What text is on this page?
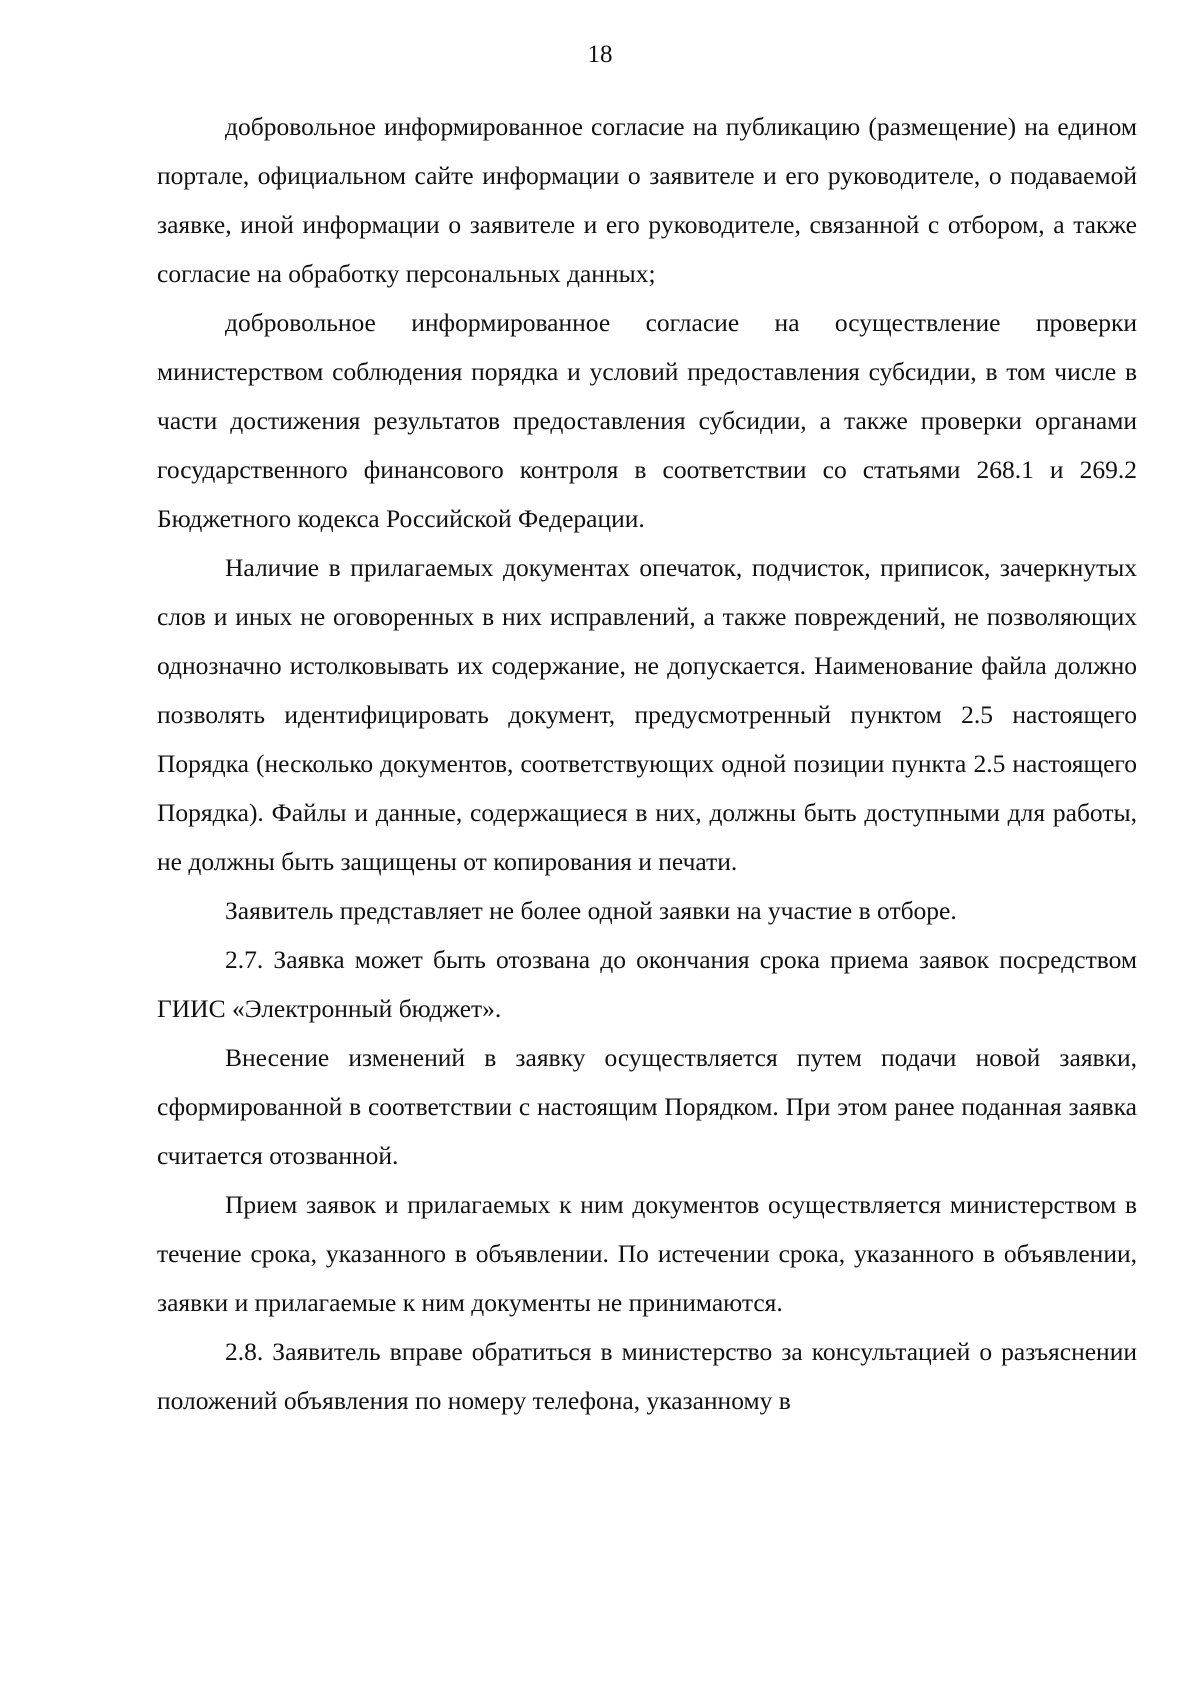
18

добровольное информированное согласие на публикацию (размещение) на едином портале, официальном сайте информации о заявителе и его руководителе, о подаваемой заявке, иной информации о заявителе и его руководителе, связанной с отбором, а также согласие на обработку персональных данных;

добровольное информированное согласие на осуществление проверки министерством соблюдения порядка и условий предоставления субсидии, в том числе в части достижения результатов предоставления субсидии, а также проверки органами государственного финансового контроля в соответствии со статьями 268.1 и 269.2 Бюджетного кодекса Российской Федерации.

Наличие в прилагаемых документах опечаток, подчисток, приписок, зачеркнутых слов и иных не оговоренных в них исправлений, а также повреждений, не позволяющих однозначно истолковывать их содержание, не допускается. Наименование файла должно позволять идентифицировать документ, предусмотренный пунктом 2.5 настоящего Порядка (несколько документов, соответствующих одной позиции пункта 2.5 настоящего Порядка). Файлы и данные, содержащиеся в них, должны быть доступными для работы, не должны быть защищены от копирования и печати.

Заявитель представляет не более одной заявки на участие в отборе.

2.7. Заявка может быть отозвана до окончания срока приема заявок посредством ГИИС «Электронный бюджет».

Внесение изменений в заявку осуществляется путем подачи новой заявки, сформированной в соответствии с настоящим Порядком. При этом ранее поданная заявка считается отозванной.

Прием заявок и прилагаемых к ним документов осуществляется министерством в течение срока, указанного в объявлении. По истечении срока, указанного в объявлении, заявки и прилагаемые к ним документы не принимаются.

2.8. Заявитель вправе обратиться в министерство за консультацией о разъяснении положений объявления по номеру телефона, указанному в
